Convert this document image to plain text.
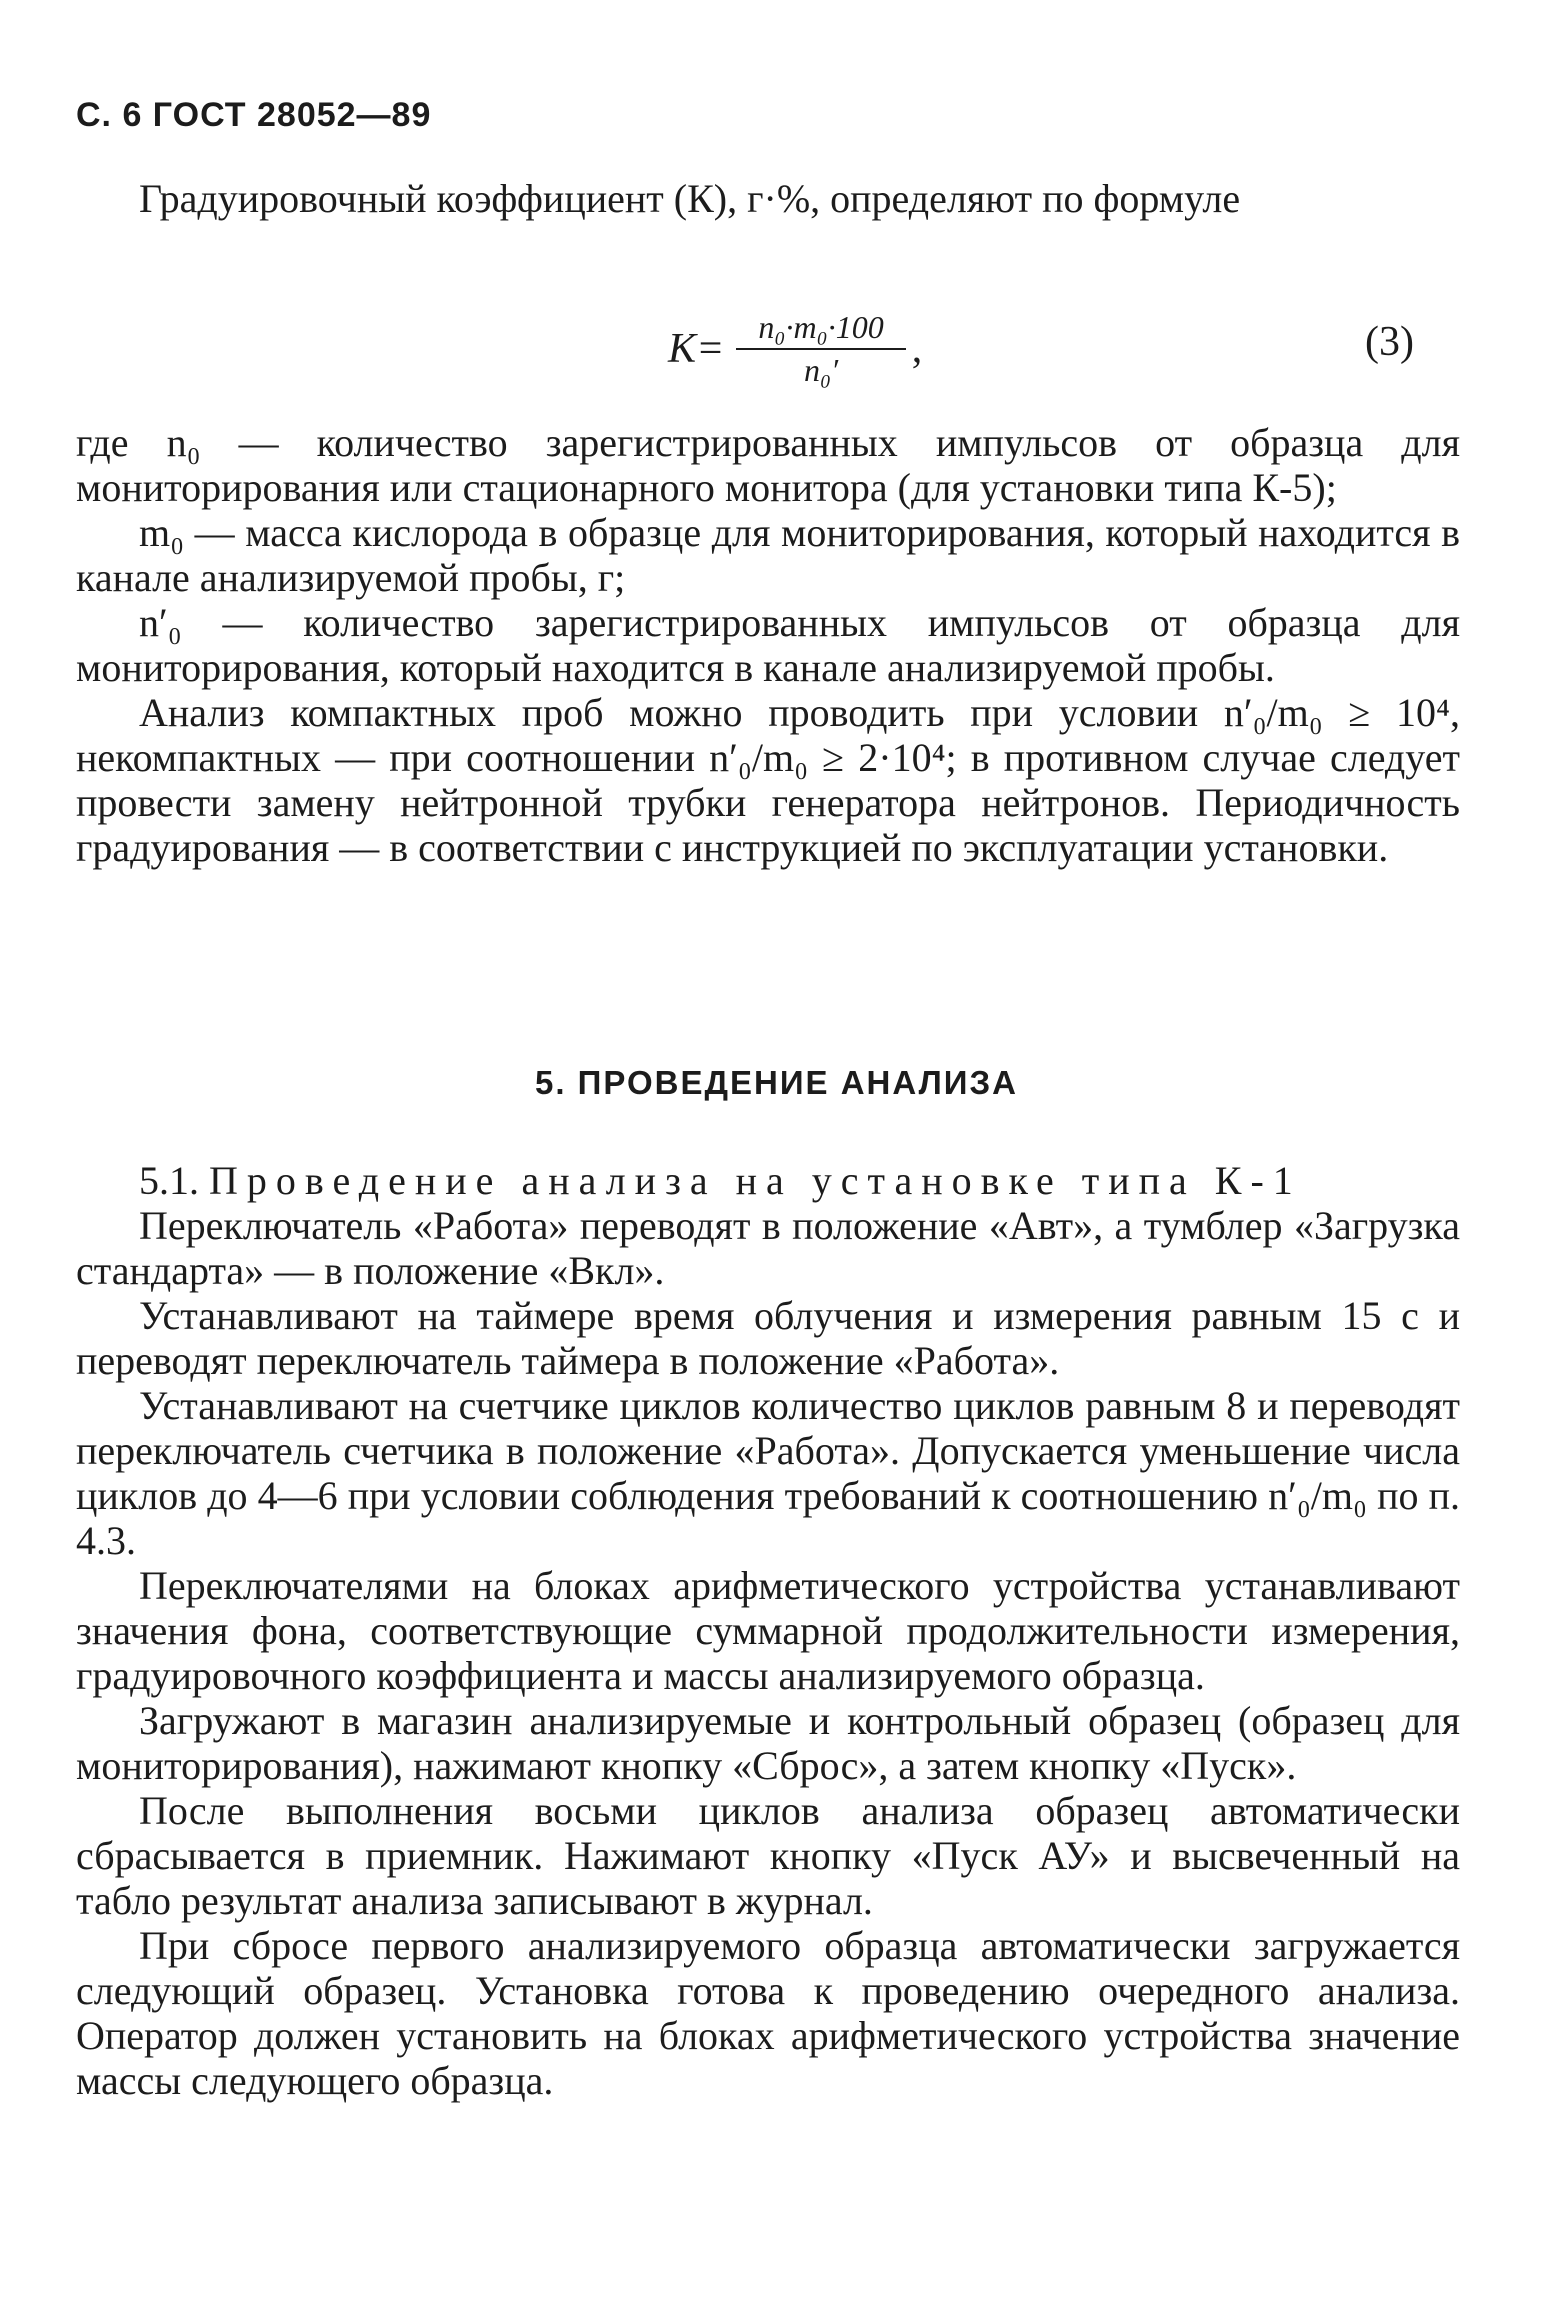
С. 6 ГОСТ 28052—89

Градуировочный коэффициент (К), г·%, определяют по формуле

$K= \frac{\text{n₀·m₀·100}}{\text{n₀′}}$ ,	(3)

где n₀ — количество зарегистрированных импульсов от образца для мониторирования или стационарного монитора (для установки типа К-5);

m₀ — масса кислорода в образце для мониторирования, который находится в канале анализируемой пробы, г;

n′₀ — количество зарегистрированных импульсов от образца для мониторирования, который находится в канале анализируемой пробы.

Анализ компактных проб можно проводить при условии n′₀/m₀ ≥ 10⁴, некомпактных — при соотношении n′₀/m₀ ≥ 2·10⁴; в противном случае следует провести замену нейтронной трубки генератора нейтронов. Периодичность градуирования — в соответствии с инструкцией по эксплуатации установки.

5. ПРОВЕДЕНИЕ АНАЛИЗА

5.1. Проведение анализа на установке типа К-1

Переключатель «Работа» переводят в положение «Авт», а тумблер «Загрузка стандарта» — в положение «Вкл».

Устанавливают на таймере время облучения и измерения равным 15 с и переводят переключатель таймера в положение «Работа».

Устанавливают на счетчике циклов количество циклов равным 8 и переводят переключатель счетчика в положение «Работа». Допускается уменьшение числа циклов до 4—6 при условии соблюдения требований к соотношению n′₀/m₀ по п. 4.3.

Переключателями на блоках арифметического устройства устанавливают значения фона, соответствующие суммарной продолжительности измерения, градуировочного коэффициента и массы анализируемого образца.

Загружают в магазин анализируемые и контрольный образец (образец для мониторирования), нажимают кнопку «Сброс», а затем кнопку «Пуск».

После выполнения восьми циклов анализа образец автоматически сбрасывается в приемник. Нажимают кнопку «Пуск АУ» и высвеченный на табло результат анализа записывают в журнал.

При сбросе первого анализируемого образца автоматически загружается следующий образец. Установка готова к проведению очередного анализа. Оператор должен установить на блоках арифметического устройства значение массы следующего образца.
